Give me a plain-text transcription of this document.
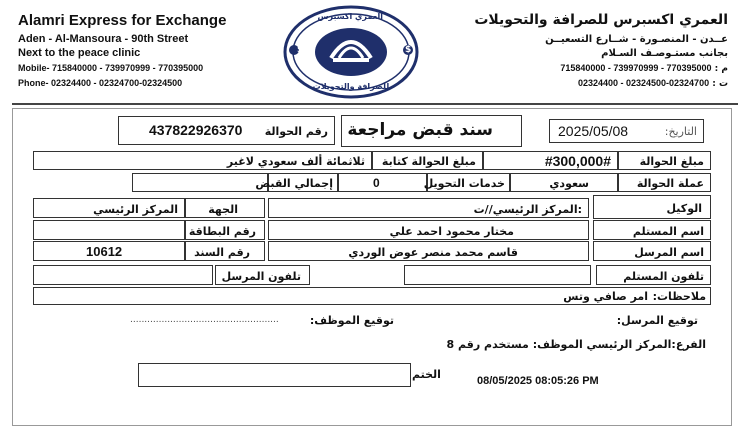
Alamri Express for Exchange
Aden - Al-Mansoura - 90th Street
Next to the peace clinic
Mobile- 715840000 - 739970999 - 770395000
Phone- 02324400 - 02324700-02324500
العمري اكسبرس
للصرافة والتحويلات
$	$
العمري اكسبرس للصرافة والتحويلات
عــدن - المنصـورة - شــارع التسعيــن
بجانب مستـوصـف السـلام
م : 770395000 - 739970999 - 715840000
ت : 02324700-02324500 - 02324400
رقم الحوالة
437822926370	سند قبض مراجعة	التاريخ:
2025/05/08
ثلاثمائة ألف سعودي لاغير مبلغ الحوالة كتابة	#300,000#	مبلغ الحوالة
إجمالي القبض	0	خدمات التحويل	سعودي	عملة الحوالة
المركز الرئيسي	الجهة	:المركز الرئيسي//ت	الوكيل
رقم البطاقة	مختار محمود احمد علي	اسم المستلم
10612	رقم السند	قاسم محمد منصر عوض الوردي	اسم المرسل
تلفون المرسل	تلفون المستلم
ملاحظات:
امر صافي وتس
توقيع المرسل:
توقيع الموظف:
....................................................
الفرع:المركز الرئيسي الموظف: مستخدم رقم 8
الختم	08/05/2025 08:05:26 PM
